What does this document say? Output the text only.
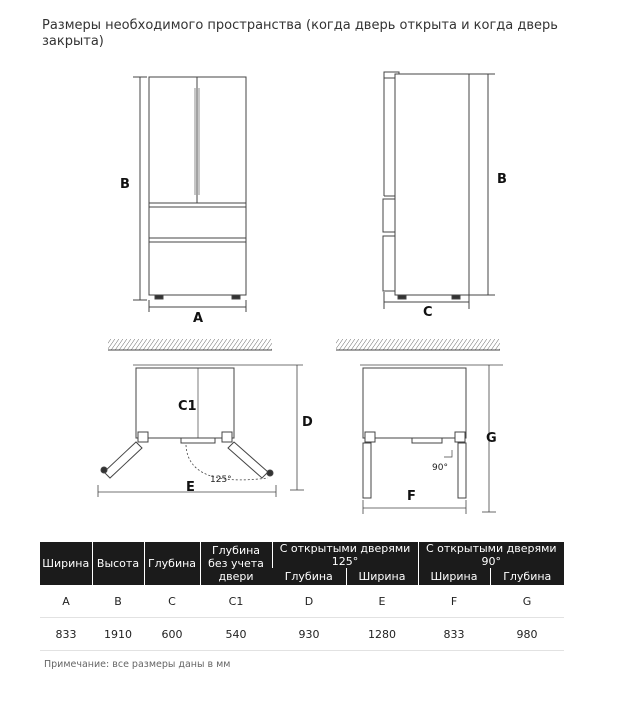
Размеры необходимого пространства (когда дверь открыта и когда дверь закрыта)
B
A
B
C
C1
D
E 125°
G
F
90°
Ширина	Высота	Глубина	Глубина без учета двери	С открытыми дверями 125°		С открытыми дверями 90°	
				Глубина	Ширина	Ширина	Глубина
A	B	C	C1	D	E	F	G
833	1910	600	540	930	1280	833	980
Примечание: все размеры даны в мм
